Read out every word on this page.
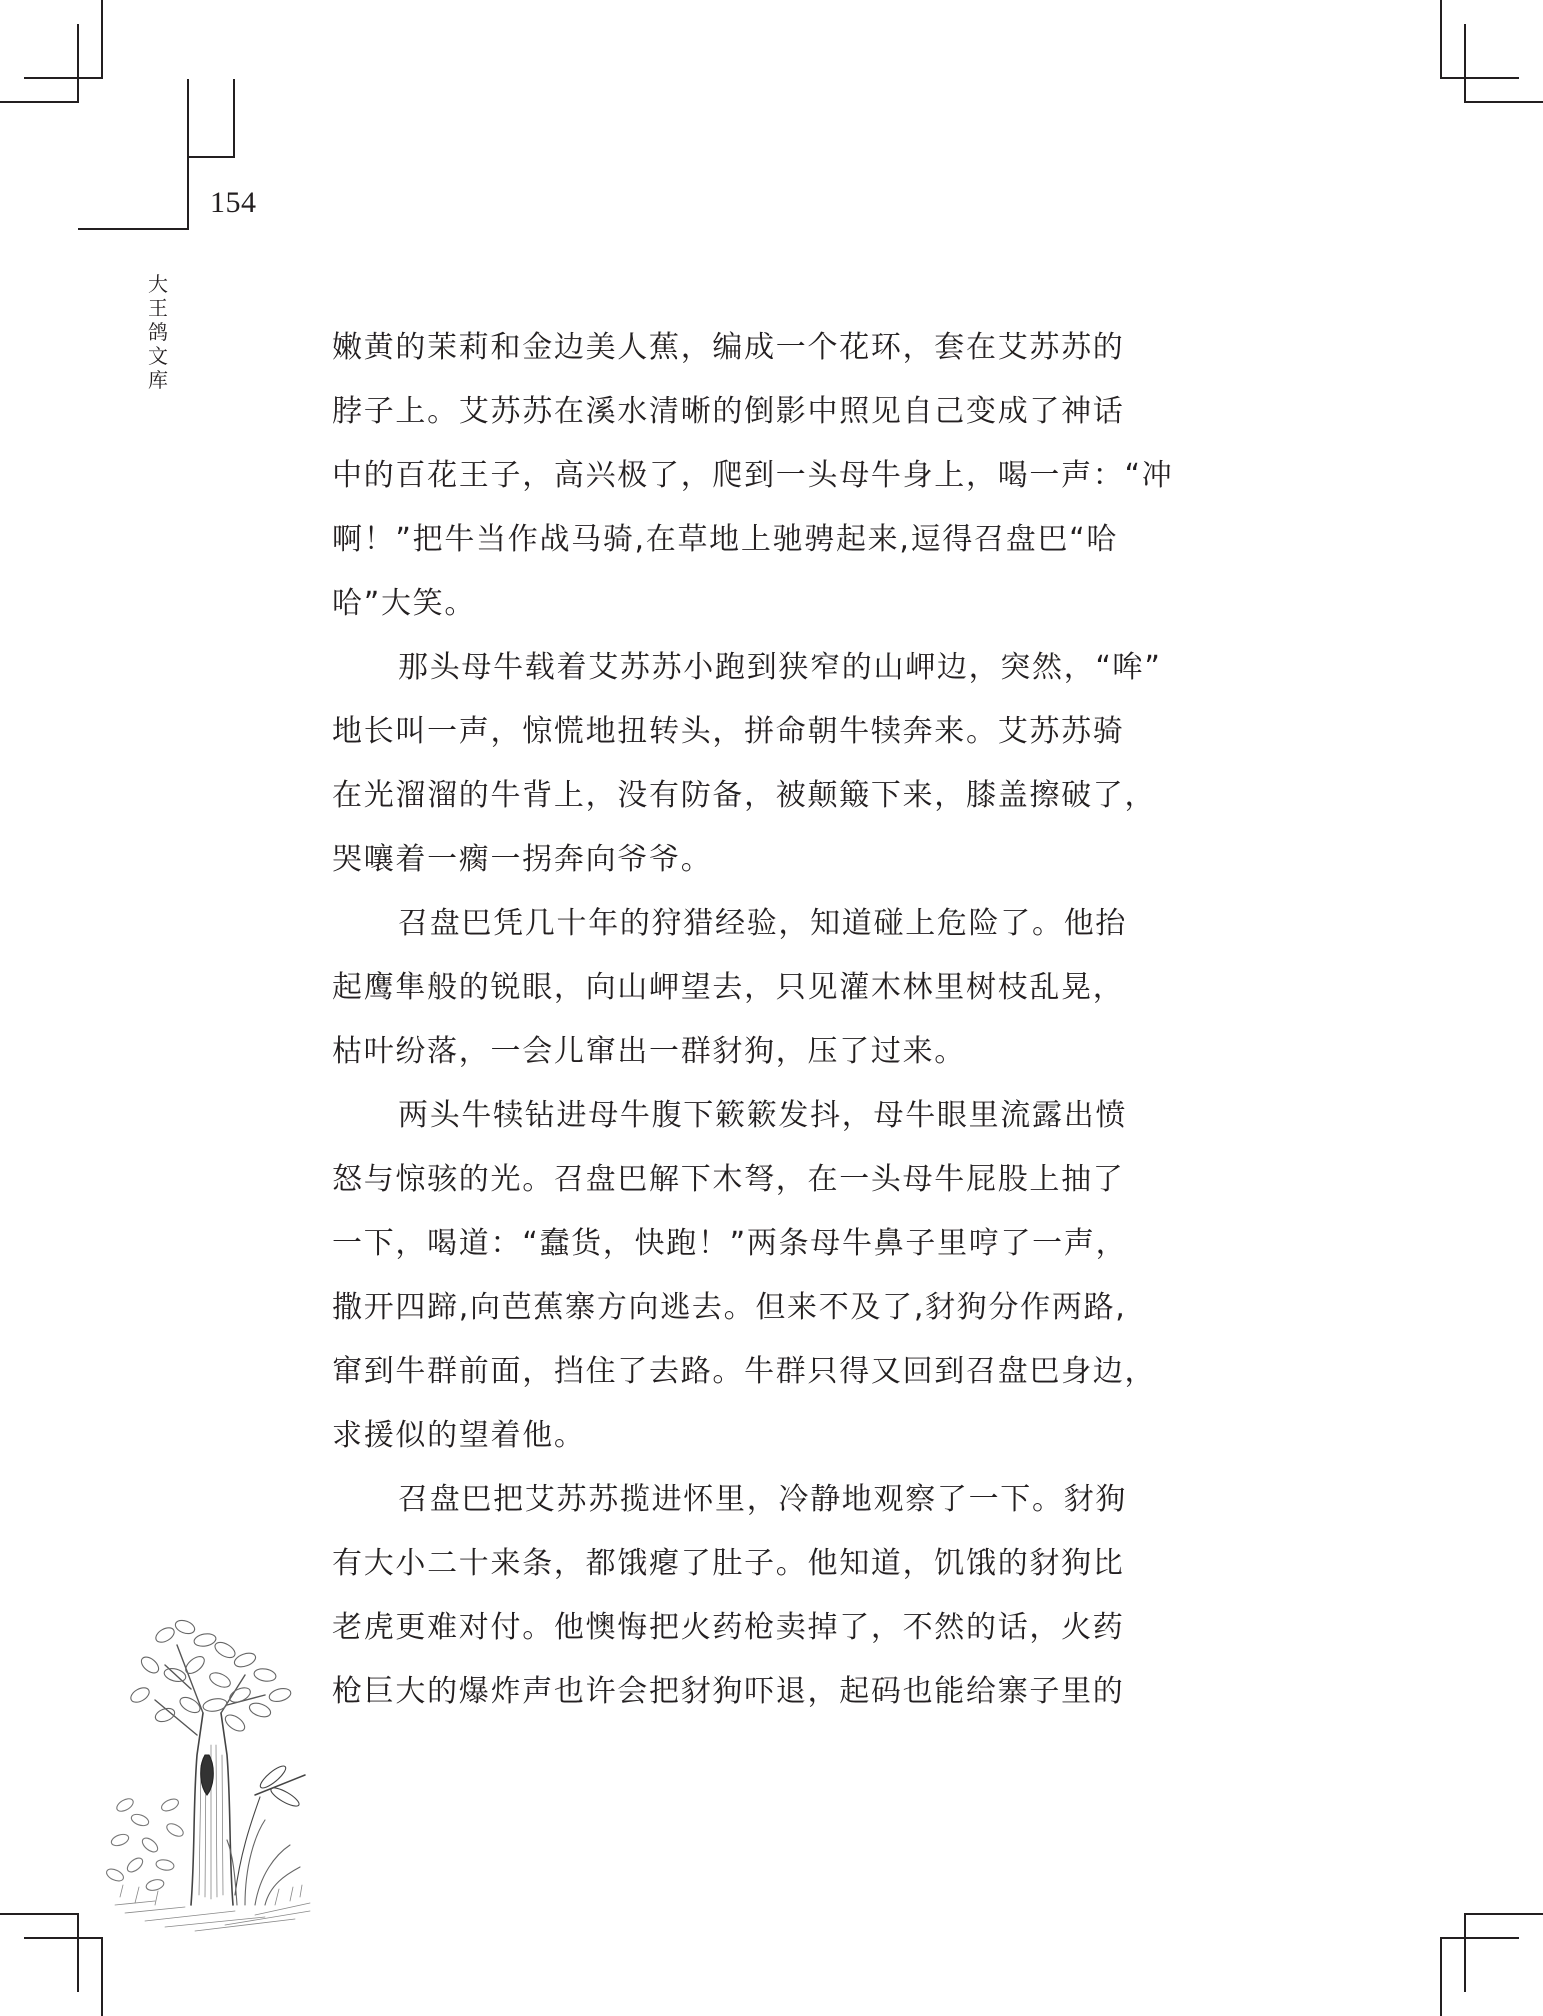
154
大
王
鸽
文
库
嫩黄的茉莉和金边美人蕉，编成一个花环，套在艾苏苏的
脖子上。艾苏苏在溪水清晰的倒影中照见自己变成了神话
中的百花王子，高兴极了，爬到一头母牛身上，喝一声：“冲
啊！”把牛当作战马骑,在草地上驰骋起来,逗得召盘巴“哈
哈”大笑。
那头母牛载着艾苏苏小跑到狭窄的山岬边，突然，“哞”
地长叫一声，惊慌地扭转头，拼命朝牛犊奔来。艾苏苏骑
在光溜溜的牛背上，没有防备，被颠簸下来，膝盖擦破了，
哭嚷着一瘸一拐奔向爷爷。
召盘巴凭几十年的狩猎经验，知道碰上危险了。他抬
起鹰隼般的锐眼，向山岬望去，只见灌木林里树枝乱晃，
枯叶纷落，一会儿窜出一群豺狗，压了过来。
两头牛犊钻进母牛腹下簌簌发抖，母牛眼里流露出愤
怒与惊骇的光。召盘巴解下木弩，在一头母牛屁股上抽了
一下，喝道：“蠢货，快跑！”两条母牛鼻子里哼了一声，
撒开四蹄,向芭蕉寨方向逃去。但来不及了,豺狗分作两路,
窜到牛群前面，挡住了去路。牛群只得又回到召盘巴身边，
求援似的望着他。
召盘巴把艾苏苏揽进怀里，冷静地观察了一下。豺狗
有大小二十来条，都饿瘪了肚子。他知道，饥饿的豺狗比
老虎更难对付。他懊悔把火药枪卖掉了，不然的话，火药
枪巨大的爆炸声也许会把豺狗吓退，起码也能给寨子里的
